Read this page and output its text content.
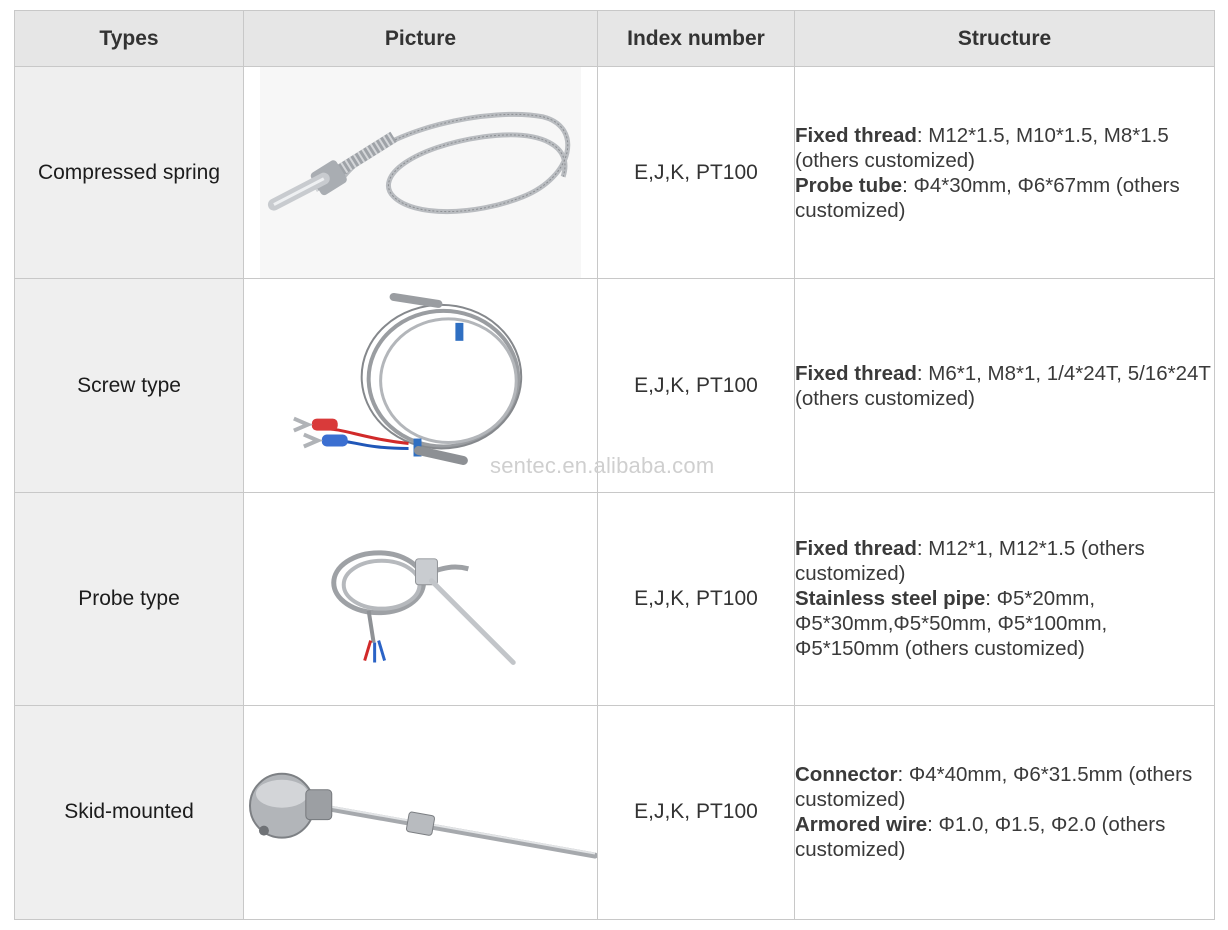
Types	Picture	Index number	Structure
Compressed spring		E,J,K, PT100	Fixed thread: M12*1.5, M10*1.5, M8*1.5 (others customized)
Probe tube: Φ4*30mm, Φ6*67mm (others customized)

Screw type		E,J,K, PT100	Fixed thread: M6*1, M8*1, 1/4*24T, 5/16*24T (others customized)

Probe type		E,J,K, PT100	Fixed thread: M12*1, M12*1.5 (others customized)
Stainless steel pipe: Φ5*20mm, Φ5*30mm,Φ5*50mm, Φ5*100mm, Φ5*150mm (others customized)

Skid-mounted		E,J,K, PT100	Connector: Φ4*40mm, Φ6*31.5mm (others customized)
Armored wire: Φ1.0, Φ1.5, Φ2.0 (others customized)
sentec.en.alibaba.com
